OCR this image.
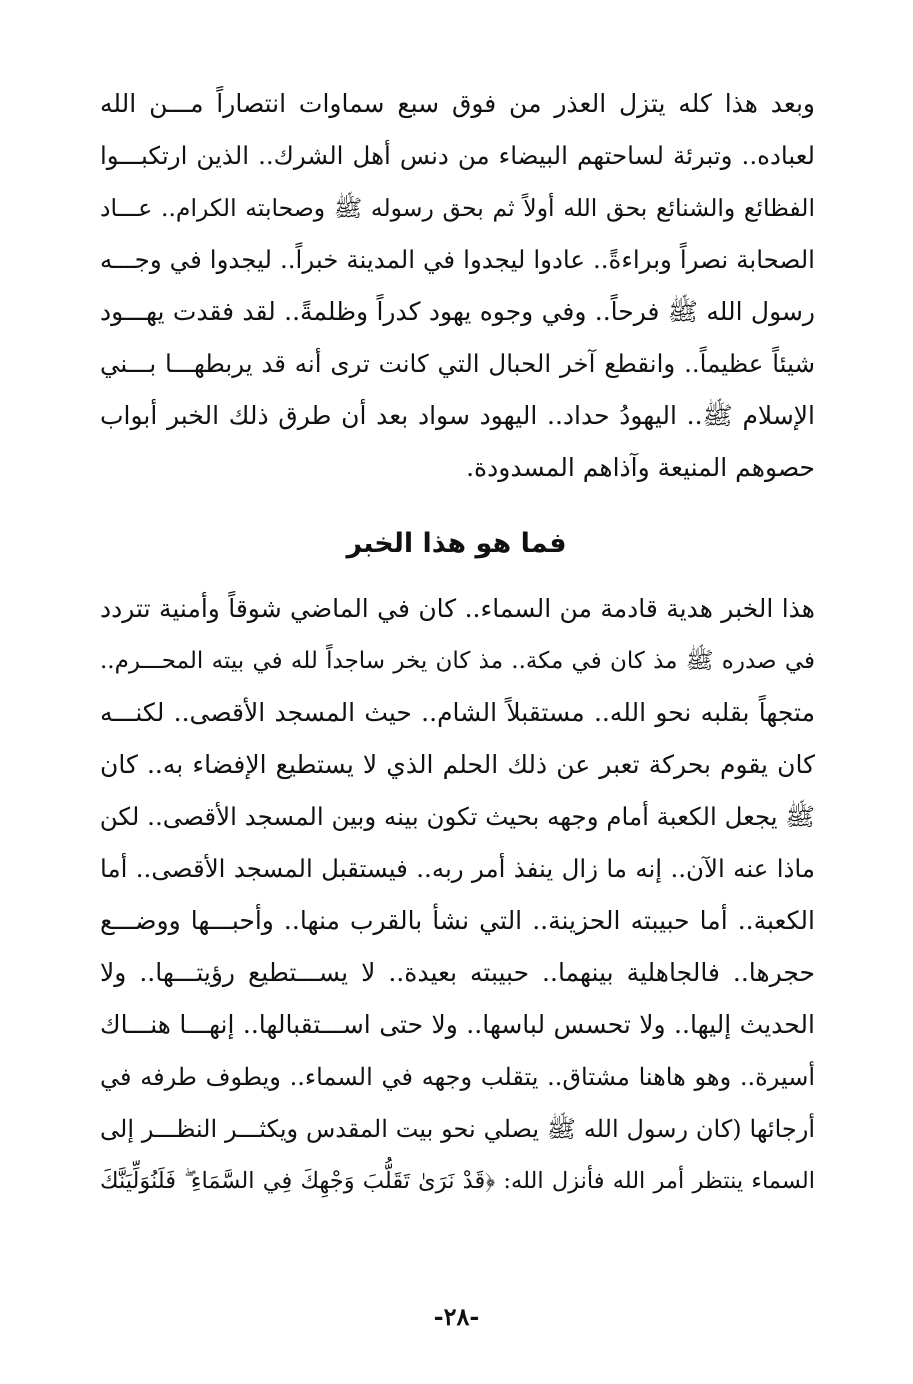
وبعد هذا كله يتزل العذر من فوق سبع سماوات انتصاراً مـــن الله
لعباده.. وتبرئة لساحتهم البيضاء من دنس أهل الشرك.. الذين ارتكبـــوا
الفظائع والشنائع بحق الله أولاً ثم بحق رسوله ﷺ وصحابته الكرام.. عـــاد
الصحابة نصراً وبراءةً.. عادوا ليجدوا في المدينة خبراً.. ليجدوا في وجـــه
رسول الله ﷺ فرحاً.. وفي وجوه يهود كدراً وظلمةً.. لقد فقدت يهـــود
شيئاً عظيماً.. وانقطع آخر الحبال التي كانت ترى أنه قد يربطهـــا بـــني
الإسلام ﷺ.. اليهودُ حداد.. اليهود سواد بعد أن طرق ذلك الخبر أبواب
حصوهم المنيعة وآذاهم المسدودة.
فما هو هذا الخبر
هذا الخبر هدية قادمة من السماء.. كان في الماضي شوقاً وأمنية تتردد
في صدره ﷺ مذ كان في مكة.. مذ كان يخر ساجداً لله في بيته المحـــرم..
متجهاً بقلبه نحو الله.. مستقبلاً الشام.. حيث المسجد الأقصى.. لكنـــه
كان يقوم بحركة تعبر عن ذلك الحلم الذي لا يستطيع الإفضاء به.. كان
ﷺ يجعل الكعبة أمام وجهه بحيث تكون بينه وبين المسجد الأقصى.. لكن
ماذا عنه الآن.. إنه ما زال ينفذ أمر ربه.. فيستقبل المسجد الأقصى.. أما
الكعبة.. أما حبيبته الحزينة.. التي نشأ بالقرب منها.. وأحبـــها ووضـــع
حجرها.. فالجاهلية بينهما.. حبيبته بعيدة.. لا يســـتطيع رؤيتـــها.. ولا
الحديث إليها.. ولا تحسس لباسها.. ولا حتى اســـتقبالها.. إنهـــا هنـــاك
أسيرة.. وهو هاهنا مشتاق.. يتقلب وجهه في السماء.. ويطوف طرفه في
أرجائها (كان رسول الله ﷺ يصلي نحو بيت المقدس ويكثـــر النظـــر إلى
السماء ينتظر أمر الله فأنزل الله: ﴿قَدْ نَرَىٰ تَقَلُّبَ وَجْهِكَ فِي السَّمَاءِ ۖ فَلَنُوَلِّيَنَّكَ
-٢٨-
